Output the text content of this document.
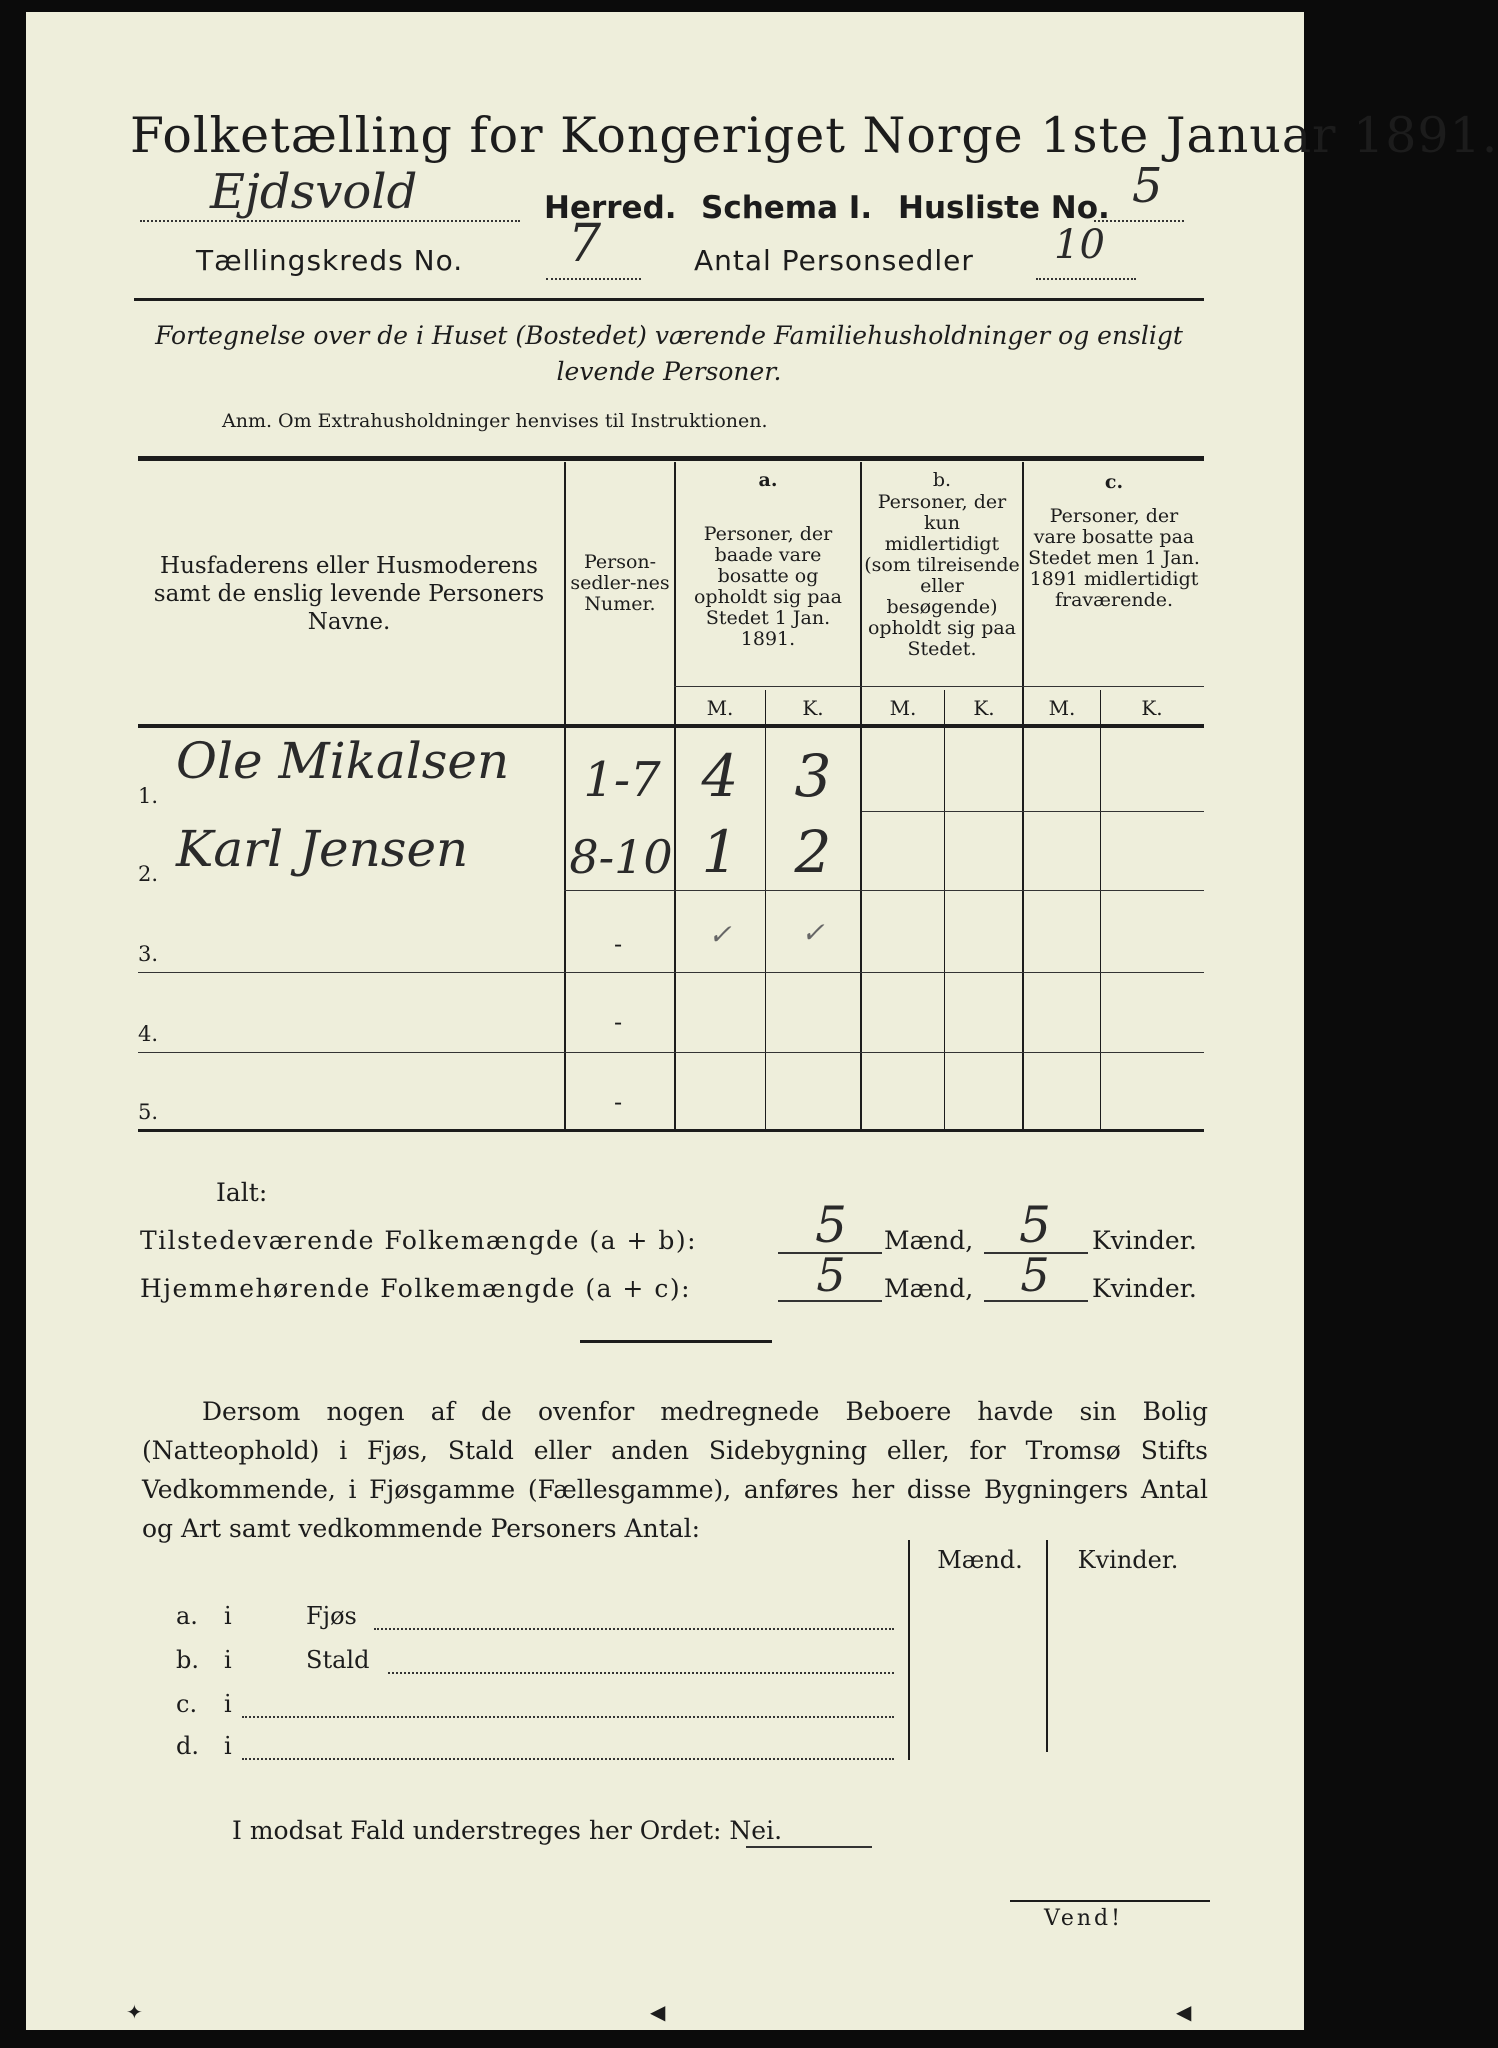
Folketælling for Kongeriget Norge 1ste Januar 1891.
Ejdsvold	Herred. Schema I. Husliste No. 5
Tællingskreds No. 7	Antal Personsedler 10
Fortegnelse over de i Huset (Bostedet) værende Familiehusholdninger og ensligt levende Personer.
Anm. Om Extrahusholdninger henvises til Instruktionen.
Husfaderens eller Husmoderens samt de enslig levende Personers Navne.
Person-sedler-nes Numer.
a.
Personer, der baade vare bosatte og opholdt sig paa Stedet 1 Jan. 1891.
b.
Personer, der kun midlertidigt (som tilreisende eller besøgende) opholdt sig paa Stedet.
c.
Personer, der vare bosatte paa Stedet men 1 Jan. 1891 midlertidigt fraværende.
M.	K.	M.	K.	M.	K.
1.
Ole Mikalsen 1-7 4 3
2. Karl Jensen 8-10 1 2
3.	-	✓	✓
4.	-
5.	-
Ialt:
Tilstedeværende Folkemængde (a + b):	5	Mænd, 5	Kvinder.
Hjemmehørende Folkemængde (a + c):	5	Mænd,	5	Kvinder.
Dersom nogen af de ovenfor medregnede Beboere havde sin Bolig (Natteophold) i Fjøs, Stald eller anden Sidebygning eller, for Tromsø Stifts Vedkommende, i Fjøsgamme (Fællesgamme), anføres her disse Bygningers Antal og Art samt vedkommende Personers Antal:
Mænd.	Kvinder.
a. i	Fjøs
b. i	Stald
c. i
d. i
I modsat Fald understreges her Ordet: Nei.
Vend!
✦	◀	◀
